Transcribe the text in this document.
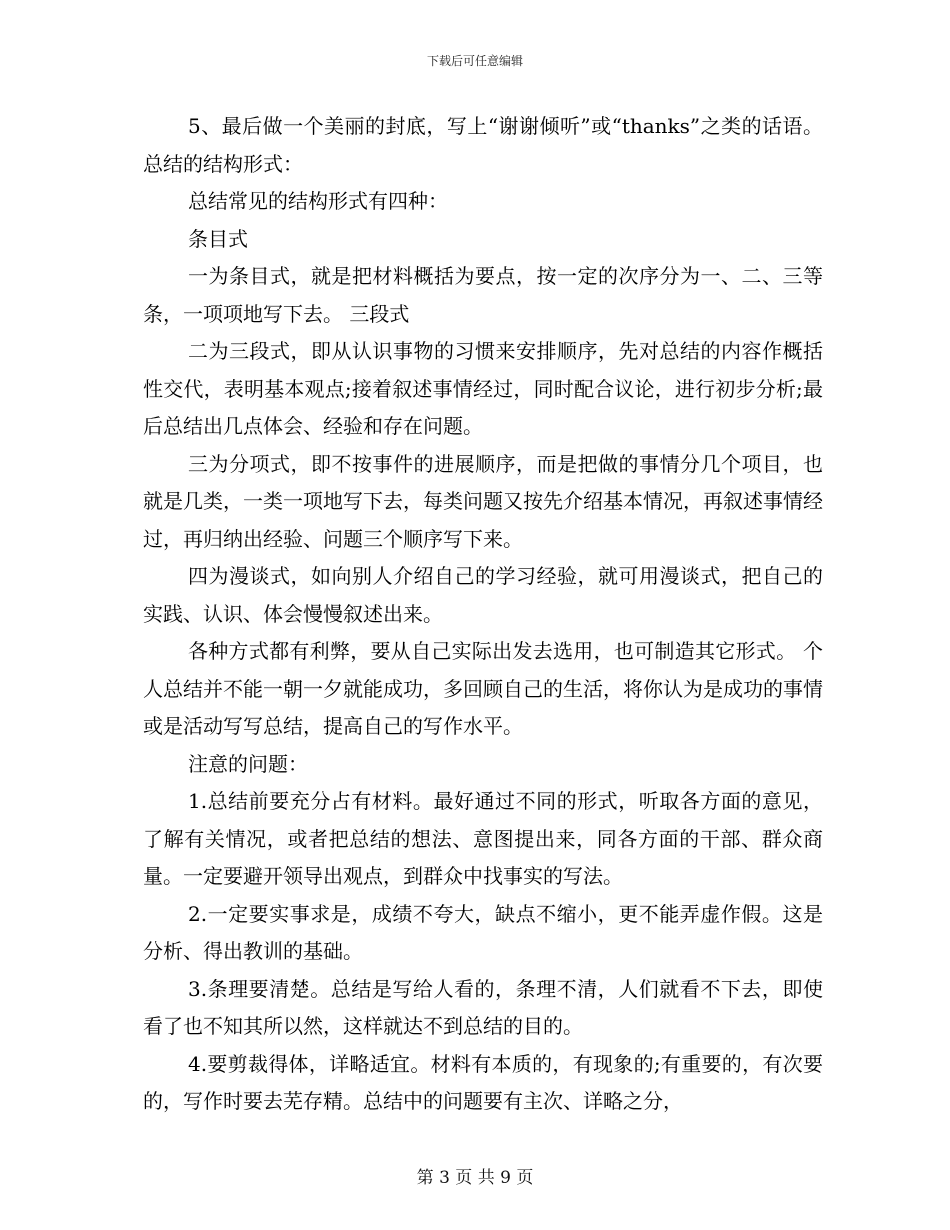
下载后可任意编辑

5、最后做一个美丽的封底，写上“谢谢倾听”或“thanks”之类的话语。 总结的结构形式：

总结常见的结构形式有四种：

条目式

一为条目式，就是把材料概括为要点，按一定的次序分为一、二、三等条，一项项地写下去。 三段式

二为三段式，即从认识事物的习惯来安排顺序，先对总结的内容作概括性交代，表明基本观点;接着叙述事情经过，同时配合议论，进行初步分析;最后总结出几点体会、经验和存在问题。

三为分项式，即不按事件的进展顺序，而是把做的事情分几个项目，也就是几类，一类一项地写下去，每类问题又按先介绍基本情况，再叙述事情经过，再归纳出经验、问题三个顺序写下来。

四为漫谈式，如向别人介绍自己的学习经验，就可用漫谈式，把自己的实践、认识、体会慢慢叙述出来。

各种方式都有利弊，要从自己实际出发去选用，也可制造其它形式。 个人总结并不能一朝一夕就能成功，多回顾自己的生活，将你认为是成功的事情或是活动写写总结，提高自己的写作水平。

注意的问题：

1.总结前要充分占有材料。最好通过不同的形式，听取各方面的意见，了解有关情况，或者把总结的想法、意图提出来，同各方面的干部、群众商量。一定要避开领导出观点，到群众中找事实的写法。

2.一定要实事求是，成绩不夸大，缺点不缩小，更不能弄虚作假。这是分析、得出教训的基础。

3.条理要清楚。总结是写给人看的，条理不清，人们就看不下去，即使看了也不知其所以然，这样就达不到总结的目的。

4.要剪裁得体，详略适宜。材料有本质的，有现象的;有重要的，有次要的，写作时要去芜存精。总结中的问题要有主次、详略之分，

第 3 页 共 9 页
